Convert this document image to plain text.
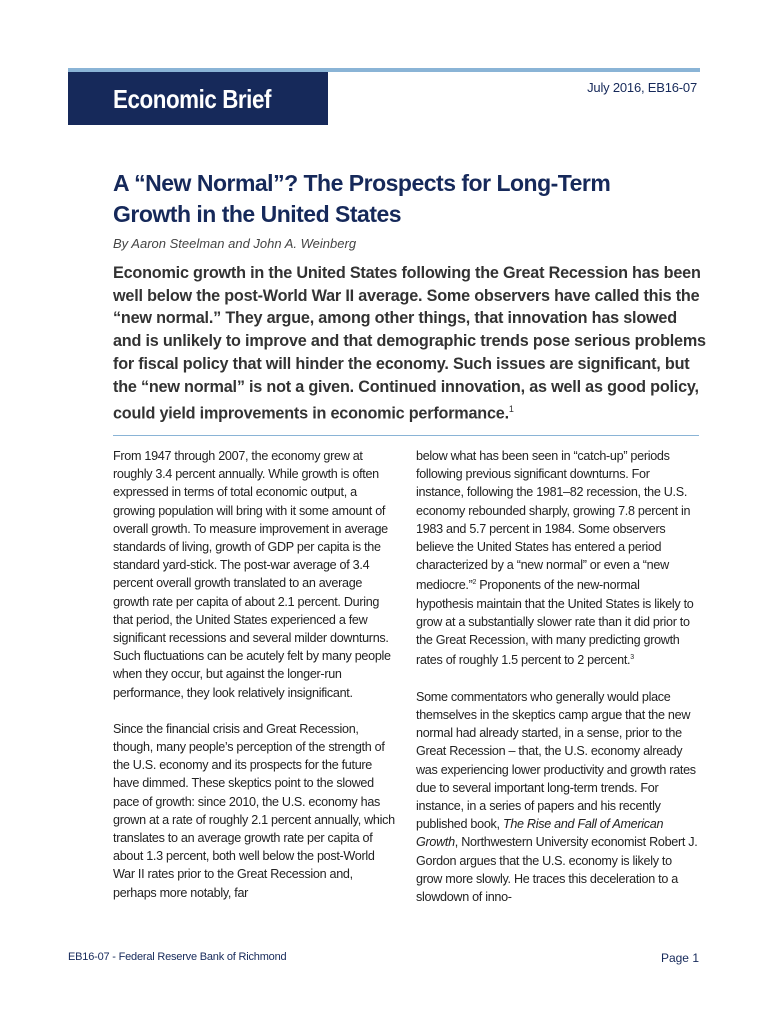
Economic Brief	July 2016, EB16-07
A “New Normal”? The Prospects for Long-Term Growth in the United States
By Aaron Steelman and John A. Weinberg

Economic growth in the United States following the Great Recession has been well below the post-World War II average. Some observers have called this the “new normal.” They argue, among other things, that innovation has slowed and is unlikely to improve and that demographic trends pose serious problems for fiscal policy that will hinder the economy. Such issues are significant, but the “new normal” is not a given. Continued innovation, as well as good policy, could yield improvements in economic performance.$^1$

From 1947 through 2007, the economy grew at roughly 3.4 percent annually. While growth is often expressed in terms of total economic output, a growing population will bring with it some amount of overall growth. To measure improvement in average standards of living, growth of GDP per capita is the standard yard-stick. The post-war average of 3.4 percent overall growth translated to an average growth rate per capita of about 2.1 percent. During that period, the United States experienced a few significant recessions and several milder downturns. Such fluctuations can be acutely felt by many people when they occur, but against the longer-run performance, they look relatively insignificant.

Since the financial crisis and Great Recession, though, many people’s perception of the strength of the U.S. economy and its prospects for the future have dimmed. These skeptics point to the slowed pace of growth: since 2010, the U.S. economy has grown at a rate of roughly 2.1 percent annually, which translates to an average growth rate per capita of about 1.3 percent, both well below the post-World War II rates prior to the Great Recession and, perhaps more notably, far

below what has been seen in “catch-up” periods following previous significant downturns. For instance, following the 1981–82 recession, the U.S. economy rebounded sharply, growing 7.8 percent in 1983 and 5.7 percent in 1984. Some observers believe the United States has entered a period characterized by a “new normal” or even a “new mediocre.”$^2$ Proponents of the new-normal hypothesis maintain that the United States is likely to grow at a substantially slower rate than it did prior to the Great Recession, with many predicting growth rates of roughly 1.5 percent to 2 percent.$^3$

Some commentators who generally would place themselves in the skeptics camp argue that the new normal had already started, in a sense, prior to the Great Recession – that, the U.S. economy already was experiencing lower productivity and growth rates due to several important long-term trends. For instance, in a series of papers and his recently published book, The Rise and Fall of American Growth, Northwestern University economist Robert J. Gordon argues that the U.S. economy is likely to grow more slowly. He traces this deceleration to a slowdown of inno-

EB16-07 - Federal Reserve Bank of Richmond	Page 1
